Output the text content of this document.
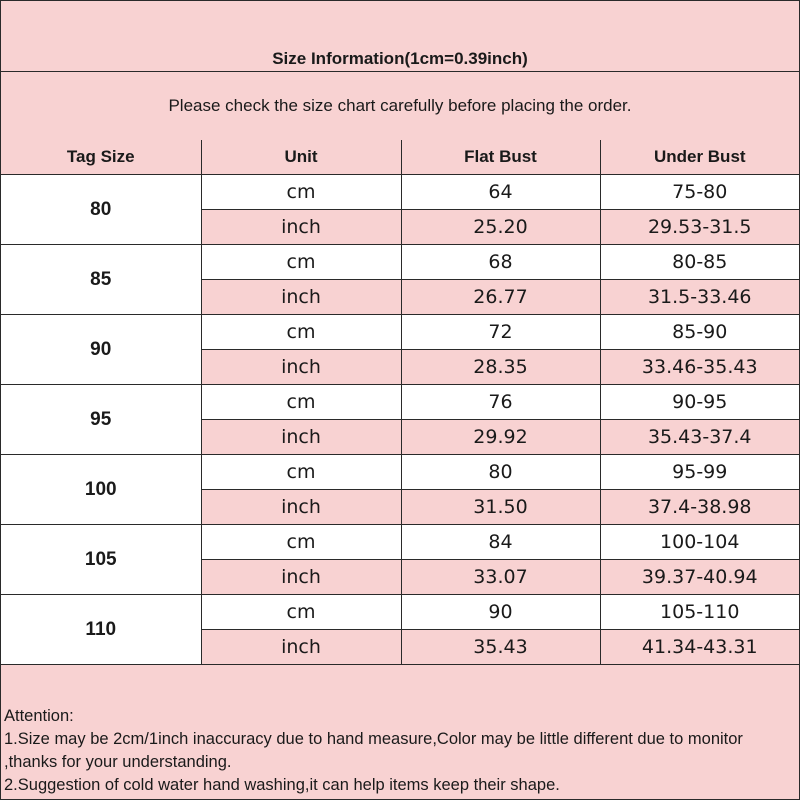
Size Information(1cm=0.39inch)
Please check the size chart carefully before placing the order.
Tag Size	Unit	Flat Bust	Under Bust
80	cm	64	75-80
	inch	25.20	29.53-31.5
85	cm	68	80-85
	inch	26.77	31.5-33.46
90	cm	72	85-90
	inch	28.35	33.46-35.43
95	cm	76	90-95
	inch	29.92	35.43-37.4
100	cm	80	95-99
	inch	31.50	37.4-38.98
105	cm	84	100-104
	inch	33.07	39.37-40.94
110	cm	90	105-110
	inch	35.43	41.34-43.31
Attention:
1.Size may be 2cm/1inch inaccuracy due to hand measure,Color may be little different due to monitor ,thanks for your understanding.
2.Suggestion of cold water hand washing,it can help items keep their shape.
